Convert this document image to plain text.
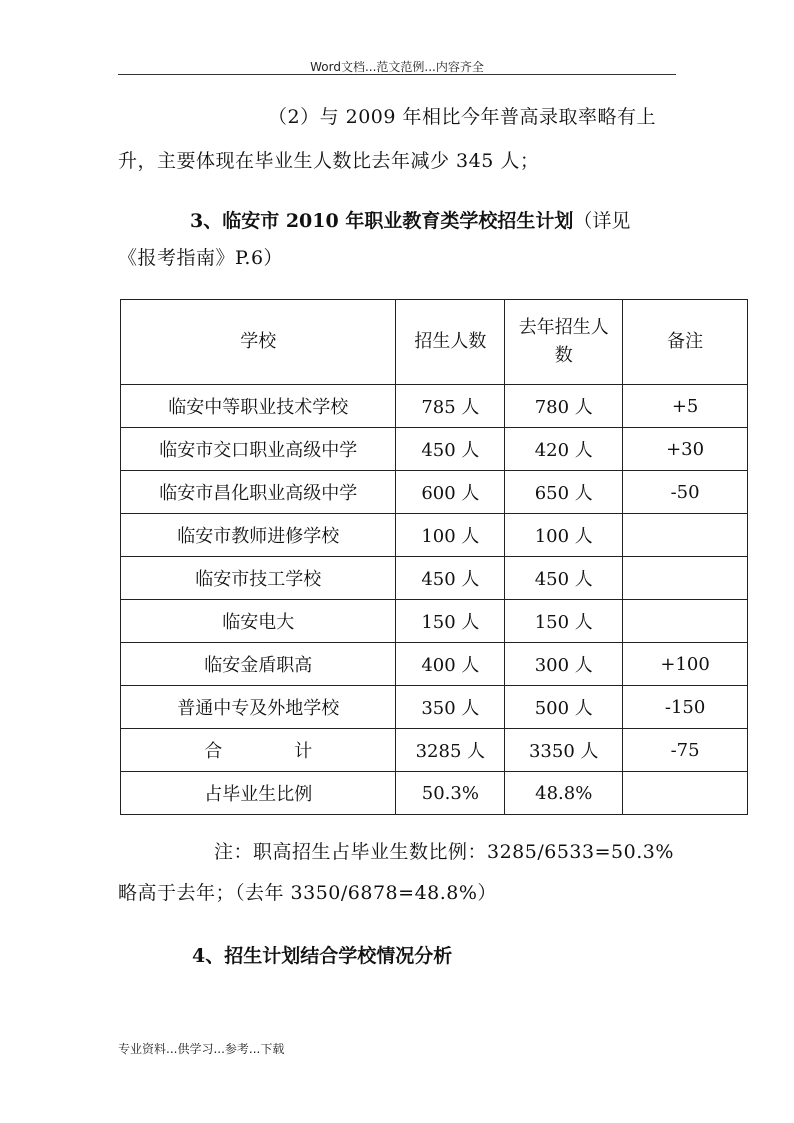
Word文档...范文范例...内容齐全
（2）与 2009 年相比今年普高录取率略有上
升，主要体现在毕业生人数比去年减少 345 人；
3、临安市 2010 年职业教育类学校招生计划（详见
《报考指南》P.6）
学校	招生人数	去年招生人数	备注
临安中等职业技术学校	785 人	780 人	+5
临安市交口职业高级中学	450 人	420 人	+30
临安市昌化职业高级中学	600 人	650 人	-50
临安市教师进修学校	100 人	100 人	
临安市技工学校	450 人	450 人	
临安电大	150 人	150 人	
临安金盾职高	400 人	300 人	+100
普通中专及外地学校	350 人	500 人	-150
合　　　　计	3285 人	3350 人	-75
占毕业生比例	50.3%	48.8%	
注：职高招生占毕业生数比例：3285/6533=50.3%
略高于去年；（去年 3350/6878=48.8%）
4、招生计划结合学校情况分析
专业资料...供学习...参考...下载
